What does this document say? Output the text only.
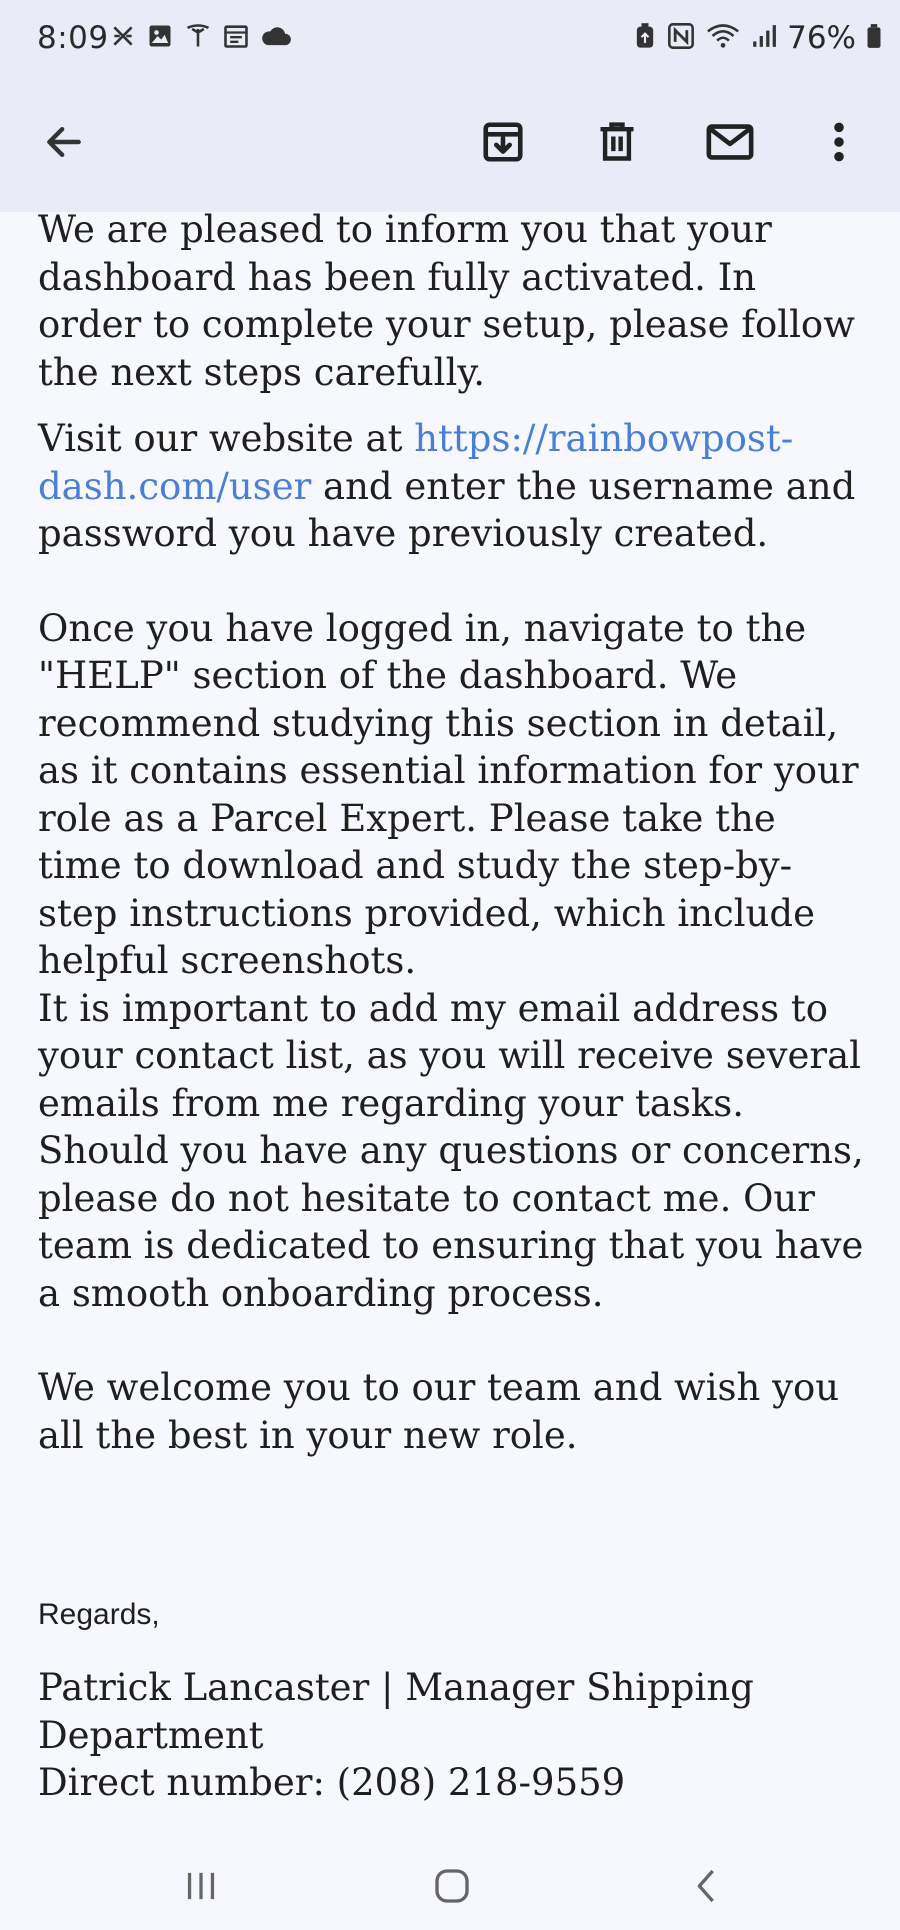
8:09	76%

We are pleased to inform you that your dashboard has been fully activated. In order to complete your setup, please follow the next steps carefully.

Visit our website at https://rainbowpost-dash.com/user and enter the username and password you have previously created.

Once you have logged in, navigate to the "HELP" section of the dashboard. We recommend studying this section in detail, as it contains essential information for your role as a Parcel Expert. Please take the time to download and study the step-by-step instructions provided, which include helpful screenshots.

It is important to add my email address to your contact list, as you will receive several emails from me regarding your tasks.

Should you have any questions or concerns, please do not hesitate to contact me. Our team is dedicated to ensuring that you have a smooth onboarding process.

We welcome you to our team and wish you all the best in your new role.

Regards,
Patrick Lancaster | Manager Shipping Department
Direct number: (208) 218-9559
